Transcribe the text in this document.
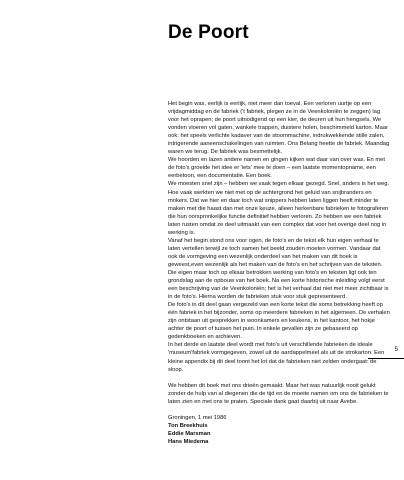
De Poort

Het begin was, eerlijk is eerlijk, niet meer dan toeval. Een verloren uurtje op een vrijdagmiddag en de fabriek ('t fabriek, plegen ze in de Veenkoloniën te zeggen) lag voor het oprapen; de poort uitnodigend op een kier, de deuren uit hun hengsels. We vonden vloeren vol gaten, wankele trappen, duistere holen, beschimmeld karton. Maar ook: het speels verlichte kadaver van de stoommachine, indrukwekkende stille zalen, intrigerende aaneenschakelingen van ruimten. Ons Belang heette de fabriek. Maandag waren we terug. De fabriek was besmettelijk.

We hoorden en lazen andere namen en gingen kijken wat daar van over was. En met de foto's groeide het idee er 'iets' mee te doen – een laatste momentopname, een eerbetoon, een documentatie. Een boek.

We moesten snel zijn – hebben we vaak tegen elkaar gezegd. Snel, anders is het weg. Hoe vaak werkten we niet met op de achtergrond het geluid van snijbranders en mokers. Dat we hier en daar toch wat snippers hebben laten liggen heeft minder te maken met die haast dan met onze keuze, alleen herkenbare fabrieken te fotograferen die hun oorspronkelijke functie definitief hebben verloren. Zo hebben we een fabriek laten rusten omdat ze deel uitmaakt van een complex dat voor het overige deel nog in werking is.

Vanaf het begin stond ons voor ogen, de foto's en de tekst elk hun eigen verhaal te laten vertellen terwijl ze toch samen het beeld zouden moeten vormen. Vandaar dat ook de vormgeving een wezenlijk onderdeel van het maken van dit boek is geweest,even wezenlijk als het maken van de foto's en het schrijven van de teksten.

Die eigen maar toch op elkaar betrokken werking van foto's en teksten ligt ook ten grondslag aan de opbouw van het boek. Na een korte historische inleiding volgt eerst een beschrijving van de Veenkoloniën; het is het verhaal dat niet met meer zichtbaar is in de foto's. Hierna worden de fabrieken stuk voor stuk gepresenteerd.

De foto's in dit deel gaan vergezeld van een korte tekst die soms betrekking heeft op één fabriek in het bijzonder, soms op meerdere fabrieken in het algemeen. De verhalen zijn ontstaan uit gesprekken in woonkamers en keukens, in het kantoor, het hokje achter de poort of tussen het puin. In enkele gevallen zijn ze gebaseerd op gedenkboeken en archieven.

In het derde en laatste deel wordt met foto's uit verschillende fabrieken de ideale 'museum'fabriek vormgegeven, zowel uit de aardappelmeel als uit de strokarton. Een kleine appendix bij dit deel toont het lot dat de fabrieken niet zelden ondergaat: de sloop.

We hebben dit boek met ons drieën gemaakt. Maar het was natuurlijk nooit gelukt zonder de hulp van al diegenen die de tijd en de moeite namen om ons de fabrieken te laten zien en met ons te praten. Speciale dank gaat daarbij uit naar Avebe.

Groningen, 1 mei 1986

Ton Breekhuis

Eddie Marsman

Hans Miedema

5
